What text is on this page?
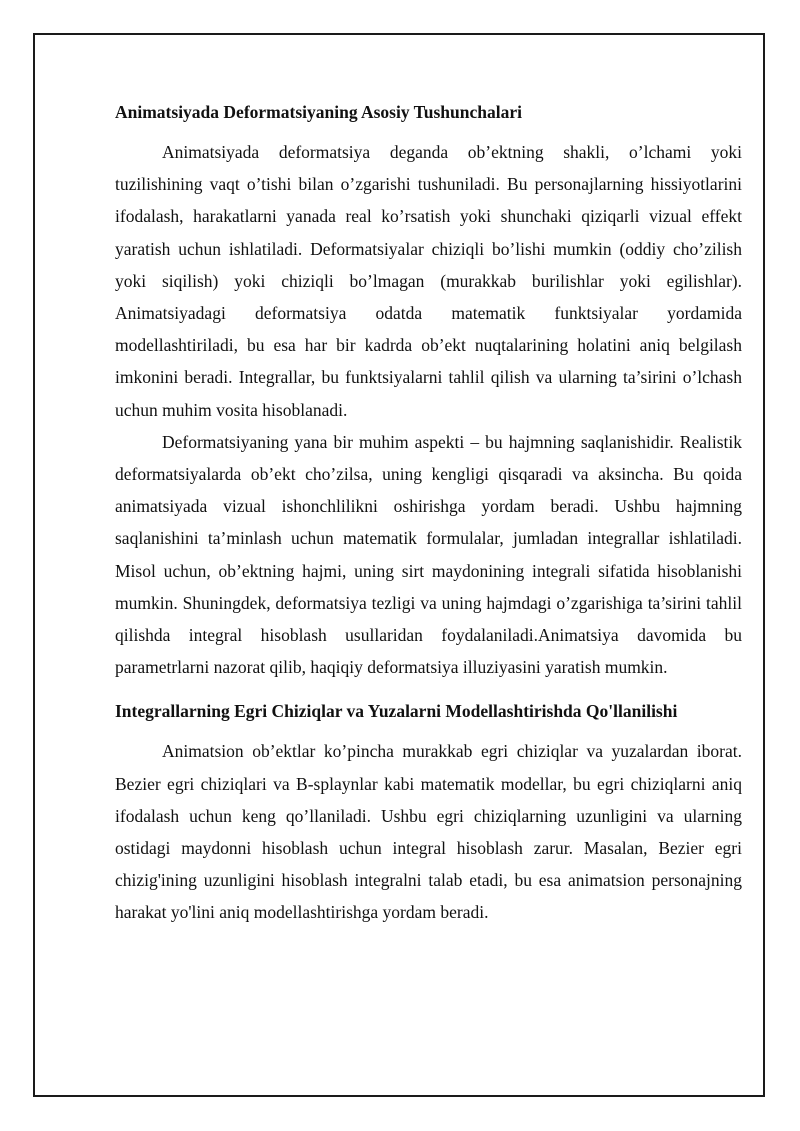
Animatsiyada Deformatsiyaning Asosiy Tushunchalari

Animatsiyada deformatsiya deganda ob’ektning shakli, o’lchami yoki tuzilishining vaqt o’tishi bilan o’zgarishi tushuniladi. Bu personajlarning hissiyotlarini ifodalash, harakatlarni yanada real ko’rsatish yoki shunchaki qiziqarli vizual effekt yaratish uchun ishlatiladi. Deformatsiyalar chiziqli bo’lishi mumkin (oddiy cho’zilish yoki siqilish) yoki chiziqli bo’lmagan (murakkab burilishlar yoki egilishlar). Animatsiyadagi deformatsiya odatda matematik funktsiyalar yordamida modellashtiriladi, bu esa har bir kadrda ob’ekt nuqtalarining holatini aniq belgilash imkonini beradi. Integrallar, bu funktsiyalarni tahlil qilish va ularning ta’sirini o’lchash uchun muhim vosita hisoblanadi.

Deformatsiyaning yana bir muhim aspekti – bu hajmning saqlanishidir. Realistik deformatsiyalarda ob’ekt cho’zilsa, uning kengligi qisqaradi va aksincha. Bu qoida animatsiyada vizual ishonchlilikni oshirishga yordam beradi. Ushbu hajmning saqlanishini ta’minlash uchun matematik formulalar, jumladan integrallar ishlatiladi. Misol uchun, ob’ektning hajmi, uning sirt maydonining integrali sifatida hisoblanishi mumkin. Shuningdek, deformatsiya tezligi va uning hajmdagi o’zgarishiga ta’sirini tahlil qilishda integral hisoblash usullaridan foydalaniladi.Animatsiya davomida bu parametrlarni nazorat qilib, haqiqiy deformatsiya illuziyasini yaratish mumkin.

Integrallarning Egri Chiziqlar va Yuzalarni Modellashtirishda Qo'llanilishi

Animatsion ob’ektlar ko’pincha murakkab egri chiziqlar va yuzalardan iborat. Bezier egri chiziqlari va B-splaynlar kabi matematik modellar, bu egri chiziqlarni aniq ifodalash uchun keng qo’llaniladi. Ushbu egri chiziqlarning uzunligini va ularning ostidagi maydonni hisoblash uchun integral hisoblash zarur. Masalan, Bezier egri chizig'ining uzunligini hisoblash integralni talab etadi, bu esa animatsion personajning harakat yo'lini aniq modellashtirishga yordam beradi.
